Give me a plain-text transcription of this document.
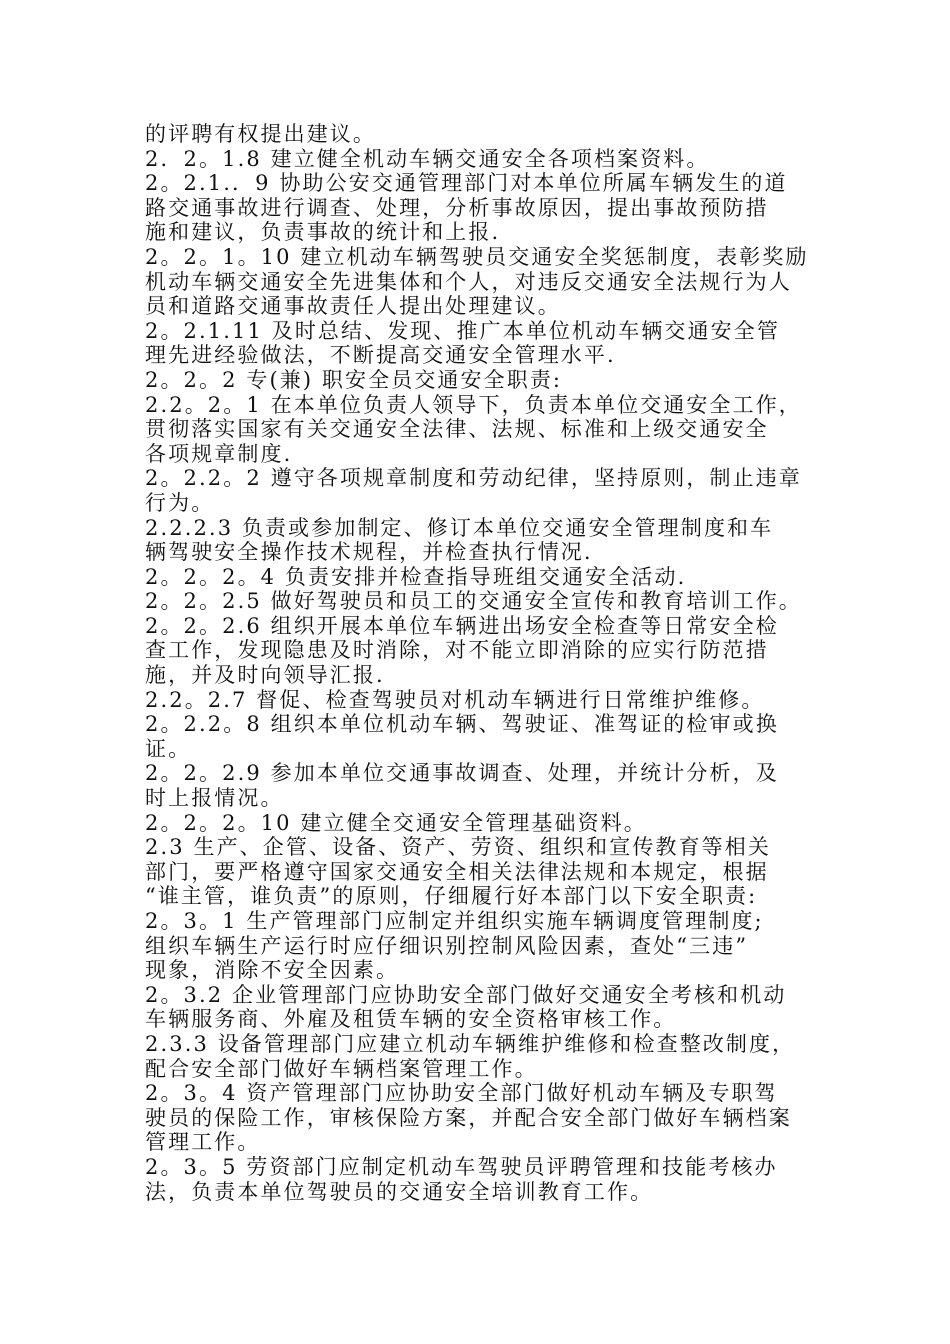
的评聘有权提出建议。
2．2。1.8 建立健全机动车辆交通安全各项档案资料。
2。2.1.．9 协助公安交通管理部门对本单位所属车辆发生的道
路交通事故进行调查、处理，分析事故原因，提出事故预防措
施和建议，负责事故的统计和上报.
2。2。1。10 建立机动车辆驾驶员交通安全奖惩制度，表彰奖励
机动车辆交通安全先进集体和个人，对违反交通安全法规行为人
员和道路交通事故责任人提出处理建议。
2。2.1.11 及时总结、发现、推广本单位机动车辆交通安全管
理先进经验做法，不断提高交通安全管理水平.
2。2。2 专(兼) 职安全员交通安全职责:
2.2。2。1 在本单位负责人领导下，负责本单位交通安全工作，
贯彻落实国家有关交通安全法律、法规、标准和上级交通安全
各项规章制度.
2。2.2。2 遵守各项规章制度和劳动纪律，坚持原则，制止违章
行为。
2.2.2.3 负责或参加制定、修订本单位交通安全管理制度和车
辆驾驶安全操作技术规程，并检查执行情况.
2。2。2。4 负责安排并检查指导班组交通安全活动.
2。2。2.5 做好驾驶员和员工的交通安全宣传和教育培训工作。
2。2。2.6 组织开展本单位车辆进出场安全检查等日常安全检
查工作，发现隐患及时消除，对不能立即消除的应实行防范措
施，并及时向领导汇报.
2.2。2.7 督促、检查驾驶员对机动车辆进行日常维护维修。
2。2.2。8 组织本单位机动车辆、驾驶证、准驾证的检审或换
证。
2。2。2.9 参加本单位交通事故调查、处理，并统计分析，及
时上报情况。
2。2。2。10 建立健全交通安全管理基础资料。
2.3 生产、企管、设备、资产、劳资、组织和宣传教育等相关
部门，要严格遵守国家交通安全相关法律法规和本规定，根据
“谁主管，谁负责”的原则，仔细履行好本部门以下安全职责:
2。3。1 生产管理部门应制定并组织实施车辆调度管理制度;
组织车辆生产运行时应仔细识别控制风险因素，查处“三违”
现象，消除不安全因素。
2。3.2 企业管理部门应协助安全部门做好交通安全考核和机动
车辆服务商、外雇及租赁车辆的安全资格审核工作。
2.3.3 设备管理部门应建立机动车辆维护维修和检查整改制度，
配合安全部门做好车辆档案管理工作。
2。3。4 资产管理部门应协助安全部门做好机动车辆及专职驾
驶员的保险工作，审核保险方案，并配合安全部门做好车辆档案
管理工作。
2。3。5 劳资部门应制定机动车驾驶员评聘管理和技能考核办
法，负责本单位驾驶员的交通安全培训教育工作。
